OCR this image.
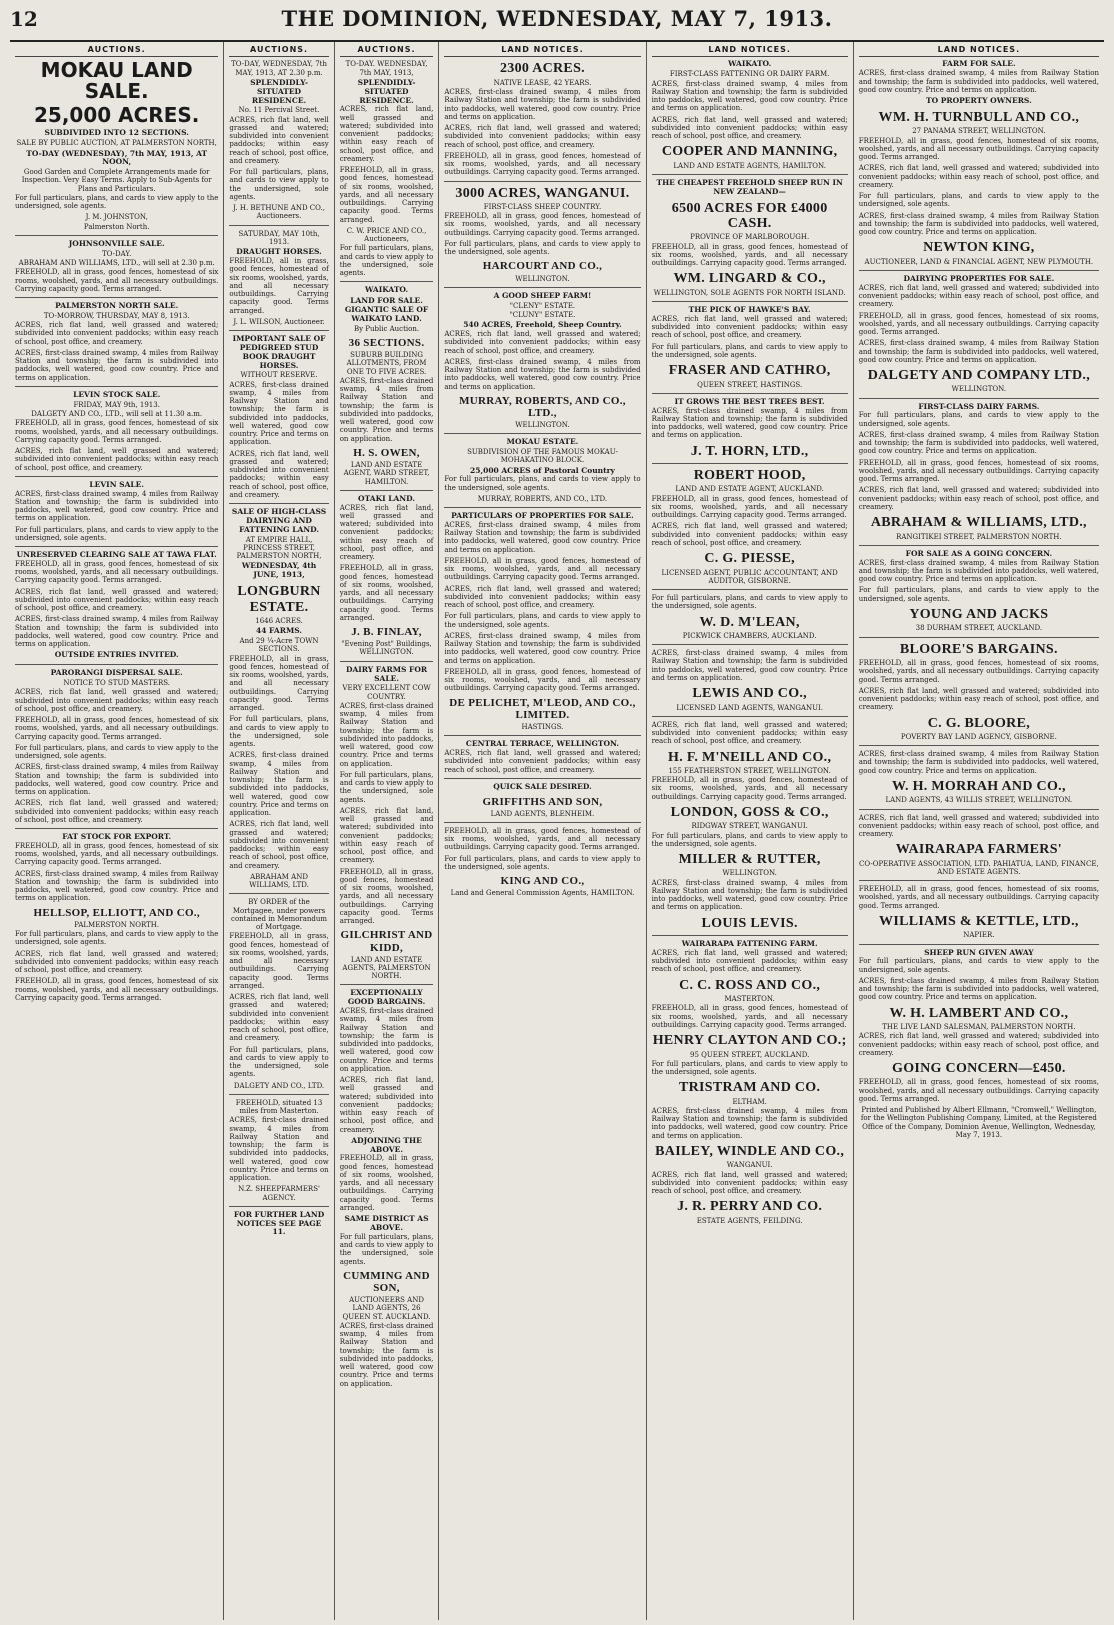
12	THE DOMINION, WEDNESDAY, MAY 7, 1913.
AUCTIONS.
MOKAU LAND SALE.
25,000 ACRES.
SUBDIVIDED INTO 12 SECTIONS.
SALE BY PUBLIC AUCTION, AT PALMERSTON NORTH,
TO-DAY (WEDNESDAY), 7th MAY, 1913, AT NOON,
Good Garden and Complete Arrangements made for Inspection. Very Easy Terms. Apply to Sub-Agents for Plans and Particulars.

For full particulars, plans, and cards to view apply to the undersigned, sole agents.

J. M. JOHNSTON,
Palmerston North.
JOHNSONVILLE SALE.
TO-DAY.
ABRAHAM AND WILLIAMS, LTD., will sell at 2.30 p.m.

FREEHOLD, all in grass, good fences, homestead of six rooms, woolshed, yards, and all necessary outbuildings. Carrying capacity good. Terms arranged.

PALMERSTON NORTH SALE.
TO-MORROW, THURSDAY, MAY 8, 1913.

ACRES, rich flat land, well grassed and watered; subdivided into convenient paddocks; within easy reach of school, post office, and creamery.

ACRES, first-class drained swamp, 4 miles from Railway Station and township; the farm is subdivided into paddocks, well watered, good cow country. Price and terms on application.

LEVIN STOCK SALE.
FRIDAY, MAY 9th, 1913.
DALGETY AND CO., LTD., will sell at 11.30 a.m.

FREEHOLD, all in grass, good fences, homestead of six rooms, woolshed, yards, and all necessary outbuildings. Carrying capacity good. Terms arranged.

ACRES, rich flat land, well grassed and watered; subdivided into convenient paddocks; within easy reach of school, post office, and creamery.

LEVIN SALE.

ACRES, first-class drained swamp, 4 miles from Railway Station and township; the farm is subdivided into paddocks, well watered, good cow country. Price and terms on application.

For full particulars, plans, and cards to view apply to the undersigned, sole agents.

UNRESERVED CLEARING SALE AT TAWA FLAT.

FREEHOLD, all in grass, good fences, homestead of six rooms, woolshed, yards, and all necessary outbuildings. Carrying capacity good. Terms arranged.

ACRES, rich flat land, well grassed and watered; subdivided into convenient paddocks; within easy reach of school, post office, and creamery.

ACRES, first-class drained swamp, 4 miles from Railway Station and township; the farm is subdivided into paddocks, well watered, good cow country. Price and terms on application.

OUTSIDE ENTRIES INVITED.
PARORANGI DISPERSAL SALE.
NOTICE TO STUD MASTERS.

ACRES, rich flat land, well grassed and watered; subdivided into convenient paddocks; within easy reach of school, post office, and creamery.

FREEHOLD, all in grass, good fences, homestead of six rooms, woolshed, yards, and all necessary outbuildings. Carrying capacity good. Terms arranged.

For full particulars, plans, and cards to view apply to the undersigned, sole agents.

ACRES, first-class drained swamp, 4 miles from Railway Station and township; the farm is subdivided into paddocks, well watered, good cow country. Price and terms on application.

ACRES, rich flat land, well grassed and watered; subdivided into convenient paddocks; within easy reach of school, post office, and creamery.

FAT STOCK FOR EXPORT.

FREEHOLD, all in grass, good fences, homestead of six rooms, woolshed, yards, and all necessary outbuildings. Carrying capacity good. Terms arranged.

ACRES, first-class drained swamp, 4 miles from Railway Station and township; the farm is subdivided into paddocks, well watered, good cow country. Price and terms on application.

HELLSOP, ELLIOTT, AND CO.,
PALMERSTON NORTH.

For full particulars, plans, and cards to view apply to the undersigned, sole agents.

ACRES, rich flat land, well grassed and watered; subdivided into convenient paddocks; within easy reach of school, post office, and creamery.

FREEHOLD, all in grass, good fences, homestead of six rooms, woolshed, yards, and all necessary outbuildings. Carrying capacity good. Terms arranged.

AUCTIONS.
TO-DAY, WEDNESDAY, 7th MAY, 1913, AT 2.30 p.m.
SPLENDIDLY-SITUATED RESIDENCE.
No. 11 Percival Street.

ACRES, rich flat land, well grassed and watered; subdivided into convenient paddocks; within easy reach of school, post office, and creamery.

For full particulars, plans, and cards to view apply to the undersigned, sole agents.

J. H. BETHUNE AND CO., Auctioneers.
SATURDAY, MAY 10th, 1913.
DRAUGHT HORSES.

FREEHOLD, all in grass, good fences, homestead of six rooms, woolshed, yards, and all necessary outbuildings. Carrying capacity good. Terms arranged.

J. L. WILSON, Auctioneer.
IMPORTANT SALE OF PEDIGREED STUD BOOK DRAUGHT HORSES.
WITHOUT RESERVE.

ACRES, first-class drained swamp, 4 miles from Railway Station and township; the farm is subdivided into paddocks, well watered, good cow country. Price and terms on application.

ACRES, rich flat land, well grassed and watered; subdivided into convenient paddocks; within easy reach of school, post office, and creamery.

SALE OF HIGH-CLASS DAIRYING AND FATTENING LAND.
AT EMPIRE HALL, PRINCESS STREET, PALMERSTON NORTH,
WEDNESDAY, 4th JUNE, 1913,
LONGBURN ESTATE.
1646 ACRES.
44 FARMS.
And 29 ¼-Acre TOWN SECTIONS.

FREEHOLD, all in grass, good fences, homestead of six rooms, woolshed, yards, and all necessary outbuildings. Carrying capacity good. Terms arranged.

For full particulars, plans, and cards to view apply to the undersigned, sole agents.

ACRES, first-class drained swamp, 4 miles from Railway Station and township; the farm is subdivided into paddocks, well watered, good cow country. Price and terms on application.

ACRES, rich flat land, well grassed and watered; subdivided into convenient paddocks; within easy reach of school, post office, and creamery.

ABRAHAM AND WILLIAMS, LTD.
BY ORDER of the Mortgagee, under powers contained in Memorandum of Mortgage.

FREEHOLD, all in grass, good fences, homestead of six rooms, woolshed, yards, and all necessary outbuildings. Carrying capacity good. Terms arranged.

ACRES, rich flat land, well grassed and watered; subdivided into convenient paddocks; within easy reach of school, post office, and creamery.

For full particulars, plans, and cards to view apply to the undersigned, sole agents.

DALGETY AND CO., LTD.
FREEHOLD, situated 13 miles from Masterton.

ACRES, first-class drained swamp, 4 miles from Railway Station and township; the farm is subdivided into paddocks, well watered, good cow country. Price and terms on application.

N.Z. SHEEPFARMERS' AGENCY.
FOR FURTHER LAND NOTICES SEE PAGE 11.
AUCTIONS.
TO-DAY. WEDNESDAY, 7th MAY, 1913,
SPLENDIDLY-SITUATED RESIDENCE.

ACRES, rich flat land, well grassed and watered; subdivided into convenient paddocks; within easy reach of school, post office, and creamery.

FREEHOLD, all in grass, good fences, homestead of six rooms, woolshed, yards, and all necessary outbuildings. Carrying capacity good. Terms arranged.

C. W. PRICE AND CO., Auctioneers,

For full particulars, plans, and cards to view apply to the undersigned, sole agents.

WAIKATO.
LAND FOR SALE. GIGANTIC SALE OF WAIKATO LAND.
By Public Auction.
36 SECTIONS.
SUBURB BUILDING ALLOTMENTS, FROM ONE TO FIVE ACRES.

ACRES, first-class drained swamp, 4 miles from Railway Station and township; the farm is subdivided into paddocks, well watered, good cow country. Price and terms on application.

H. S. OWEN,
LAND AND ESTATE AGENT, WARD STREET, HAMILTON.
OTAKI LAND.

ACRES, rich flat land, well grassed and watered; subdivided into convenient paddocks; within easy reach of school, post office, and creamery.

FREEHOLD, all in grass, good fences, homestead of six rooms, woolshed, yards, and all necessary outbuildings. Carrying capacity good. Terms arranged.

J. B. FINLAY,
"Evening Post" Buildings, WELLINGTON.
DAIRY FARMS FOR SALE.
VERY EXCELLENT COW COUNTRY.

ACRES, first-class drained swamp, 4 miles from Railway Station and township; the farm is subdivided into paddocks, well watered, good cow country. Price and terms on application.

For full particulars, plans, and cards to view apply to the undersigned, sole agents.

ACRES, rich flat land, well grassed and watered; subdivided into convenient paddocks; within easy reach of school, post office, and creamery.

FREEHOLD, all in grass, good fences, homestead of six rooms, woolshed, yards, and all necessary outbuildings. Carrying capacity good. Terms arranged.

GILCHRIST AND KIDD,
LAND AND ESTATE AGENTS, PALMERSTON NORTH.
EXCEPTIONALLY GOOD BARGAINS.

ACRES, first-class drained swamp, 4 miles from Railway Station and township; the farm is subdivided into paddocks, well watered, good cow country. Price and terms on application.

ACRES, rich flat land, well grassed and watered; subdivided into convenient paddocks; within easy reach of school, post office, and creamery.

ADJOINING THE ABOVE.

FREEHOLD, all in grass, good fences, homestead of six rooms, woolshed, yards, and all necessary outbuildings. Carrying capacity good. Terms arranged.

SAME DISTRICT AS ABOVE.

For full particulars, plans, and cards to view apply to the undersigned, sole agents.

CUMMING AND SON,
AUCTIONEERS AND LAND AGENTS, 26 QUEEN ST. AUCKLAND.

ACRES, first-class drained swamp, 4 miles from Railway Station and township; the farm is subdivided into paddocks, well watered, good cow country. Price and terms on application.

LAND NOTICES.
2300 ACRES.
NATIVE LEASE, 42 YEARS.

ACRES, first-class drained swamp, 4 miles from Railway Station and township; the farm is subdivided into paddocks, well watered, good cow country. Price and terms on application.

ACRES, rich flat land, well grassed and watered; subdivided into convenient paddocks; within easy reach of school, post office, and creamery.

FREEHOLD, all in grass, good fences, homestead of six rooms, woolshed, yards, and all necessary outbuildings. Carrying capacity good. Terms arranged.

3000 ACRES, WANGANUI.
FIRST-CLASS SHEEP COUNTRY.

FREEHOLD, all in grass, good fences, homestead of six rooms, woolshed, yards, and all necessary outbuildings. Carrying capacity good. Terms arranged.

For full particulars, plans, and cards to view apply to the undersigned, sole agents.

HARCOURT AND CO.,
WELLINGTON.
A GOOD SHEEP FARM!
"CLENY" ESTATE.
"CLUNY" ESTATE.
540 ACRES, Freehold, Sheep Country.

ACRES, rich flat land, well grassed and watered; subdivided into convenient paddocks; within easy reach of school, post office, and creamery.

ACRES, first-class drained swamp, 4 miles from Railway Station and township; the farm is subdivided into paddocks, well watered, good cow country. Price and terms on application.

MURRAY, ROBERTS, AND CO., LTD.,
WELLINGTON.
MOKAU ESTATE.
SUBDIVISION OF THE FAMOUS MOKAU-MOHAKATINO BLOCK.
25,000 ACRES of Pastoral Country

For full particulars, plans, and cards to view apply to the undersigned, sole agents.

MURRAY, ROBERTS, AND CO., LTD.
PARTICULARS OF PROPERTIES FOR SALE.

ACRES, first-class drained swamp, 4 miles from Railway Station and township; the farm is subdivided into paddocks, well watered, good cow country. Price and terms on application.

FREEHOLD, all in grass, good fences, homestead of six rooms, woolshed, yards, and all necessary outbuildings. Carrying capacity good. Terms arranged.

ACRES, rich flat land, well grassed and watered; subdivided into convenient paddocks; within easy reach of school, post office, and creamery.

For full particulars, plans, and cards to view apply to the undersigned, sole agents.

ACRES, first-class drained swamp, 4 miles from Railway Station and township; the farm is subdivided into paddocks, well watered, good cow country. Price and terms on application.

FREEHOLD, all in grass, good fences, homestead of six rooms, woolshed, yards, and all necessary outbuildings. Carrying capacity good. Terms arranged.

DE PELICHET, M'LEOD, AND CO., LIMITED.
HASTINGS.
CENTRAL TERRACE, WELLINGTON.

ACRES, rich flat land, well grassed and watered; subdivided into convenient paddocks; within easy reach of school, post office, and creamery.

QUICK SALE DESIRED.
GRIFFITHS AND SON,
LAND AGENTS, BLENHEIM.

FREEHOLD, all in grass, good fences, homestead of six rooms, woolshed, yards, and all necessary outbuildings. Carrying capacity good. Terms arranged.

For full particulars, plans, and cards to view apply to the undersigned, sole agents.

KING AND CO.,
Land and General Commission Agents, HAMILTON.
LAND NOTICES.
WAIKATO.
FIRST-CLASS FATTENING OR DAIRY FARM.

ACRES, first-class drained swamp, 4 miles from Railway Station and township; the farm is subdivided into paddocks, well watered, good cow country. Price and terms on application.

ACRES, rich flat land, well grassed and watered; subdivided into convenient paddocks; within easy reach of school, post office, and creamery.

COOPER AND MANNING,
LAND AND ESTATE AGENTS, HAMILTON.
THE CHEAPEST FREEHOLD SHEEP RUN IN NEW ZEALAND—
6500 ACRES FOR £4000 CASH.
PROVINCE OF MARLBOROUGH.

FREEHOLD, all in grass, good fences, homestead of six rooms, woolshed, yards, and all necessary outbuildings. Carrying capacity good. Terms arranged.

WM. LINGARD & CO.,
WELLINGTON, SOLE AGENTS FOR NORTH ISLAND.
THE PICK OF HAWKE'S BAY.

ACRES, rich flat land, well grassed and watered; subdivided into convenient paddocks; within easy reach of school, post office, and creamery.

For full particulars, plans, and cards to view apply to the undersigned, sole agents.

FRASER AND CATHRO,
QUEEN STREET, HASTINGS.
IT GROWS THE BEST TREES BEST.

ACRES, first-class drained swamp, 4 miles from Railway Station and township; the farm is subdivided into paddocks, well watered, good cow country. Price and terms on application.

J. T. HORN, LTD.,
ROBERT HOOD,
LAND AND ESTATE AGENT, AUCKLAND.

FREEHOLD, all in grass, good fences, homestead of six rooms, woolshed, yards, and all necessary outbuildings. Carrying capacity good. Terms arranged.

ACRES, rich flat land, well grassed and watered; subdivided into convenient paddocks; within easy reach of school, post office, and creamery.

C. G. PIESSE,
LICENSED AGENT, PUBLIC ACCOUNTANT, AND AUDITOR, GISBORNE.

For full particulars, plans, and cards to view apply to the undersigned, sole agents.

W. D. M'LEAN,
PICKWICK CHAMBERS, AUCKLAND.

ACRES, first-class drained swamp, 4 miles from Railway Station and township; the farm is subdivided into paddocks, well watered, good cow country. Price and terms on application.

LEWIS AND CO.,
LICENSED LAND AGENTS, WANGANUI.

ACRES, rich flat land, well grassed and watered; subdivided into convenient paddocks; within easy reach of school, post office, and creamery.

H. F. M'NEILL AND CO.,
155 FEATHERSTON STREET, WELLINGTON.

FREEHOLD, all in grass, good fences, homestead of six rooms, woolshed, yards, and all necessary outbuildings. Carrying capacity good. Terms arranged.

LONDON, GOSS & CO.,
RIDGWAY STREET, WANGANUI.

For full particulars, plans, and cards to view apply to the undersigned, sole agents.

MILLER & RUTTER,
WELLINGTON.

ACRES, first-class drained swamp, 4 miles from Railway Station and township; the farm is subdivided into paddocks, well watered, good cow country. Price and terms on application.

LOUIS LEVIS.
WAIRARAPA FATTENING FARM.

ACRES, rich flat land, well grassed and watered; subdivided into convenient paddocks; within easy reach of school, post office, and creamery.

C. C. ROSS AND CO.,
MASTERTON.

FREEHOLD, all in grass, good fences, homestead of six rooms, woolshed, yards, and all necessary outbuildings. Carrying capacity good. Terms arranged.

HENRY CLAYTON AND CO.;
95 QUEEN STREET, AUCKLAND.

For full particulars, plans, and cards to view apply to the undersigned, sole agents.

TRISTRAM AND CO.
ELTHAM.

ACRES, first-class drained swamp, 4 miles from Railway Station and township; the farm is subdivided into paddocks, well watered, good cow country. Price and terms on application.

BAILEY, WINDLE AND CO.,
WANGANUI.

ACRES, rich flat land, well grassed and watered; subdivided into convenient paddocks; within easy reach of school, post office, and creamery.

J. R. PERRY AND CO.
ESTATE AGENTS, FEILDING.
LAND NOTICES.
FARM FOR SALE.

ACRES, first-class drained swamp, 4 miles from Railway Station and township; the farm is subdivided into paddocks, well watered, good cow country. Price and terms on application.

TO PROPERTY OWNERS.
WM. H. TURNBULL AND CO.,
27 PANAMA STREET, WELLINGTON.

FREEHOLD, all in grass, good fences, homestead of six rooms, woolshed, yards, and all necessary outbuildings. Carrying capacity good. Terms arranged.

ACRES, rich flat land, well grassed and watered; subdivided into convenient paddocks; within easy reach of school, post office, and creamery.

For full particulars, plans, and cards to view apply to the undersigned, sole agents.

ACRES, first-class drained swamp, 4 miles from Railway Station and township; the farm is subdivided into paddocks, well watered, good cow country. Price and terms on application.

NEWTON KING,
AUCTIONEER, LAND & FINANCIAL AGENT, NEW PLYMOUTH.
DAIRYING PROPERTIES FOR SALE.

ACRES, rich flat land, well grassed and watered; subdivided into convenient paddocks; within easy reach of school, post office, and creamery.

FREEHOLD, all in grass, good fences, homestead of six rooms, woolshed, yards, and all necessary outbuildings. Carrying capacity good. Terms arranged.

ACRES, first-class drained swamp, 4 miles from Railway Station and township; the farm is subdivided into paddocks, well watered, good cow country. Price and terms on application.

DALGETY AND COMPANY LTD.,
WELLINGTON.
FIRST-CLASS DAIRY FARMS.

For full particulars, plans, and cards to view apply to the undersigned, sole agents.

ACRES, first-class drained swamp, 4 miles from Railway Station and township; the farm is subdivided into paddocks, well watered, good cow country. Price and terms on application.

FREEHOLD, all in grass, good fences, homestead of six rooms, woolshed, yards, and all necessary outbuildings. Carrying capacity good. Terms arranged.

ACRES, rich flat land, well grassed and watered; subdivided into convenient paddocks; within easy reach of school, post office, and creamery.

ABRAHAM & WILLIAMS, LTD.,
RANGITIKEI STREET, PALMERSTON NORTH.
FOR SALE AS A GOING CONCERN.

ACRES, first-class drained swamp, 4 miles from Railway Station and township; the farm is subdivided into paddocks, well watered, good cow country. Price and terms on application.

For full particulars, plans, and cards to view apply to the undersigned, sole agents.

YOUNG AND JACKS
38 DURHAM STREET, AUCKLAND.
BLOORE'S BARGAINS.

FREEHOLD, all in grass, good fences, homestead of six rooms, woolshed, yards, and all necessary outbuildings. Carrying capacity good. Terms arranged.

ACRES, rich flat land, well grassed and watered; subdivided into convenient paddocks; within easy reach of school, post office, and creamery.

C. G. BLOORE,
POVERTY BAY LAND AGENCY, GISBORNE.

ACRES, first-class drained swamp, 4 miles from Railway Station and township; the farm is subdivided into paddocks, well watered, good cow country. Price and terms on application.

W. H. MORRAH AND CO.,
LAND AGENTS, 43 WILLIS STREET, WELLINGTON.

ACRES, rich flat land, well grassed and watered; subdivided into convenient paddocks; within easy reach of school, post office, and creamery.

WAIRARAPA FARMERS'
CO-OPERATIVE ASSOCIATION, LTD. PAHIATUA, LAND, FINANCE, AND ESTATE AGENTS.

FREEHOLD, all in grass, good fences, homestead of six rooms, woolshed, yards, and all necessary outbuildings. Carrying capacity good. Terms arranged.

WILLIAMS & KETTLE, LTD.,
NAPIER.
SHEEP RUN GIVEN AWAY

For full particulars, plans, and cards to view apply to the undersigned, sole agents.

ACRES, first-class drained swamp, 4 miles from Railway Station and township; the farm is subdivided into paddocks, well watered, good cow country. Price and terms on application.

W. H. LAMBERT AND CO.,
THE LIVE LAND SALESMAN, PALMERSTON NORTH.

ACRES, rich flat land, well grassed and watered; subdivided into convenient paddocks; within easy reach of school, post office, and creamery.

GOING CONCERN—£450.

FREEHOLD, all in grass, good fences, homestead of six rooms, woolshed, yards, and all necessary outbuildings. Carrying capacity good. Terms arranged.

Printed and Published by Albert Ellmann, "Cromwell," Wellington, for the Wellington Publishing Company, Limited, at the Registered Office of the Company, Dominion Avenue, Wellington, Wednesday, May 7, 1913.
